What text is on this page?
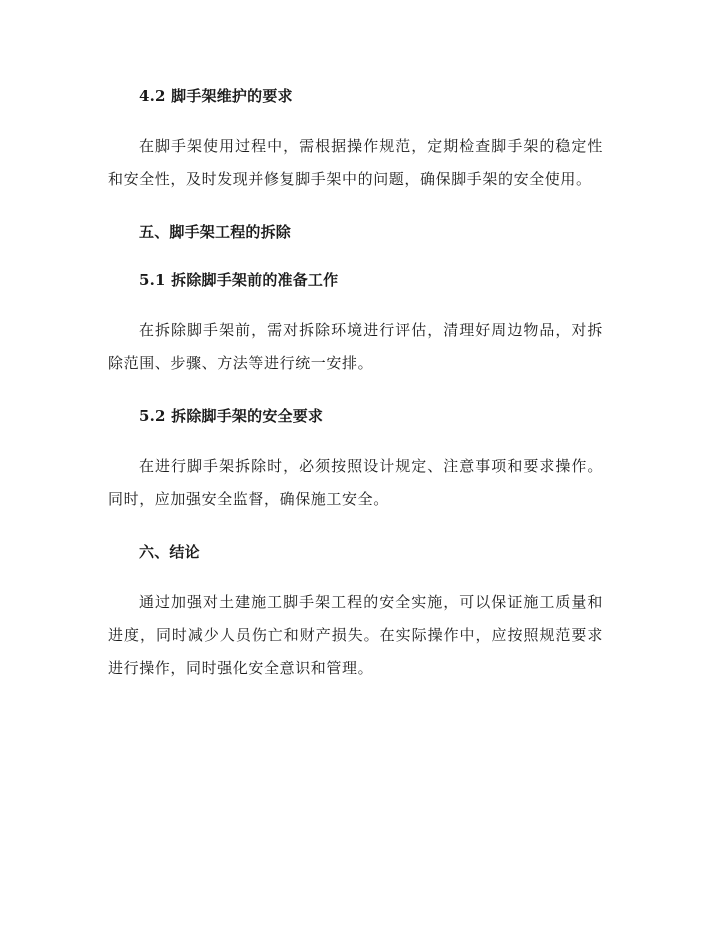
4.2 脚手架维护的要求

在脚手架使用过程中，需根据操作规范，定期检查脚手架的稳定性和安全性，及时发现并修复脚手架中的问题，确保脚手架的安全使用。

五、脚手架工程的拆除
5.1 拆除脚手架前的准备工作

在拆除脚手架前，需对拆除环境进行评估，清理好周边物品，对拆除范围、步骤、方法等进行统一安排。

5.2 拆除脚手架的安全要求

在进行脚手架拆除时，必须按照设计规定、注意事项和要求操作。同时，应加强安全监督，确保施工安全。

六、结论

通过加强对土建施工脚手架工程的安全实施，可以保证施工质量和进度，同时减少人员伤亡和财产损失。在实际操作中，应按照规范要求进行操作，同时强化安全意识和管理。
